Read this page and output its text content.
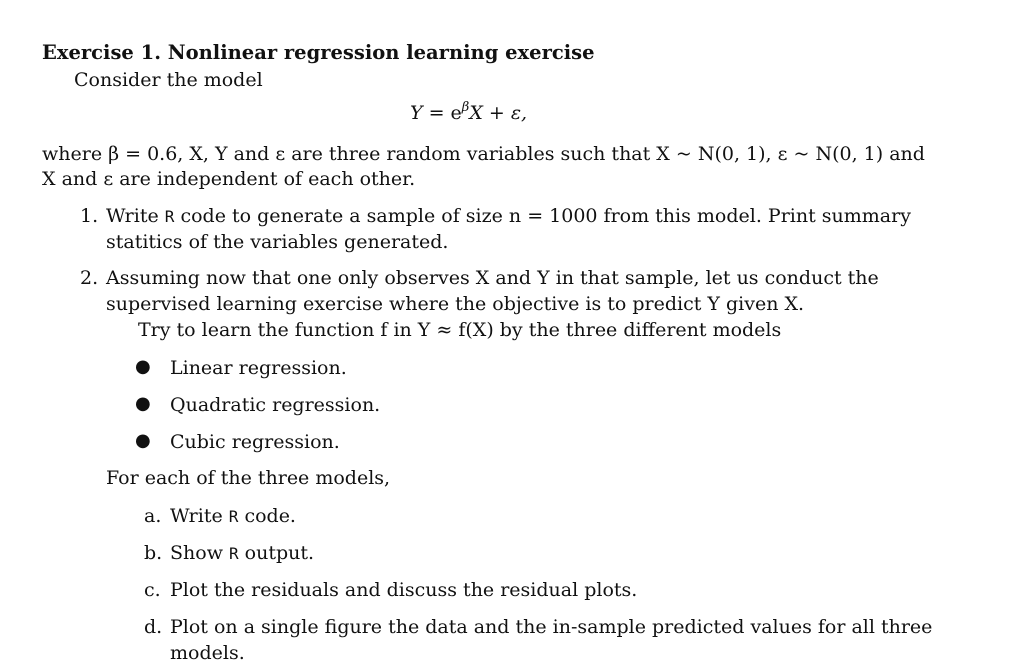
Exercise 1. Nonlinear regression learning exercise
Consider the model
$Y = e^\beta X + \varepsilon$,
where β = 0.6, X, Y and ε are three random variables such that X ~ N(0, 1), ε ~ N(0, 1) and
X and ε are independent of each other.
1. Write R code to generate a sample of size n = 1000 from this model. Print summary
statitics of the variables generated.
2. Assuming now that one only observes X and Y in that sample, let us conduct the
supervised learning exercise where the objective is to predict Y given X.
Try to learn the function f in Y ≈ f(X) by the three different models
● Linear regression.
● Quadratic regression.
● Cubic regression.
For each of the three models,
a. Write R code.
b. Show R output.
c. Plot the residuals and discuss the residual plots.
d. Plot on a single figure the data and the in-sample predicted values for all three
models.
